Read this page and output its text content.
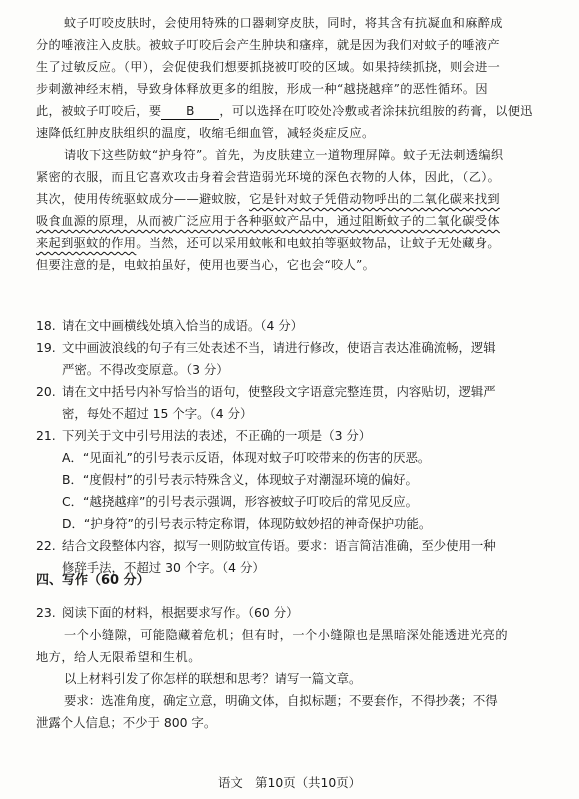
蚊子叮咬皮肤时，会使用特殊的口器刺穿皮肤，同时，将其含有抗凝血和麻醉成
分的唾液注入皮肤。被蚊子叮咬后会产生肿块和瘙痒，就是因为我们对蚊子的唾液产
生了过敏反应。（甲），会促使我们想要抓挠被叮咬的区域。如果持续抓挠，则会进一
步刺激神经末梢，导致身体释放更多的组胺，形成一种“越挠越痒”的恶性循环。因
此，被蚊子叮咬后，要 B ，可以选择在叮咬处冷敷或者涂抹抗组胺的药膏，以便迅
速降低红肿皮肤组织的温度，收缩毛细血管，减轻炎症反应。
请收下这些防蚊“护身符”。首先，为皮肤建立一道物理屏障。蚊子无法刺透编织
紧密的衣服，而且它喜欢攻击身着会营造弱光环境的深色衣物的人体，因此，（乙）。
其次，使用传统驱蚊成分——避蚊胺，它是针对蚊子凭借动物呼出的二氧化碳来找到
吸食血源的原理，从而被广泛应用于各种驱蚊产品中，通过阻断蚊子的二氧化碳受体
来起到驱蚊的作用。当然，还可以采用蚊帐和电蚊拍等驱蚊物品，让蚊子无处藏身。
但要注意的是，电蚊拍虽好，使用也要当心，它也会“咬人”。
18. 请在文中画横线处填入恰当的成语。（4 分）
19. 文中画波浪线的句子有三处表述不当，请进行修改，使语言表达准确流畅，逻辑
严密。不得改变原意。（3 分）
20. 请在文中括号内补写恰当的语句，使整段文字语意完整连贯，内容贴切，逻辑严
密，每处不超过 15 个字。（4 分）
21. 下列关于文中引号用法的表述，不正确的一项是（3 分）
A．“见面礼”的引号表示反语，体现对蚊子叮咬带来的伤害的厌恶。
B．“度假村”的引号表示特殊含义，体现蚊子对潮湿环境的偏好。
C．“越挠越痒”的引号表示强调，形容被蚊子叮咬后的常见反应。
D．“护身符”的引号表示特定称谓，体现防蚊妙招的神奇保护功能。
22. 结合文段整体内容，拟写一则防蚊宣传语。要求：语言简洁准确，至少使用一种
修辞手法，不超过 30 个字。（4 分）
四、写作（60 分）
23. 阅读下面的材料，根据要求写作。（60 分）
一个小缝隙，可能隐藏着危机；但有时，一个小缝隙也是黑暗深处能透进光亮的
地方，给人无限希望和生机。
以上材料引发了你怎样的联想和思考？请写一篇文章。
要求：选准角度，确定立意，明确文体，自拟标题；不要套作，不得抄袭；不得
泄露个人信息；不少于 800 字。
语文　第10页（共10页）
